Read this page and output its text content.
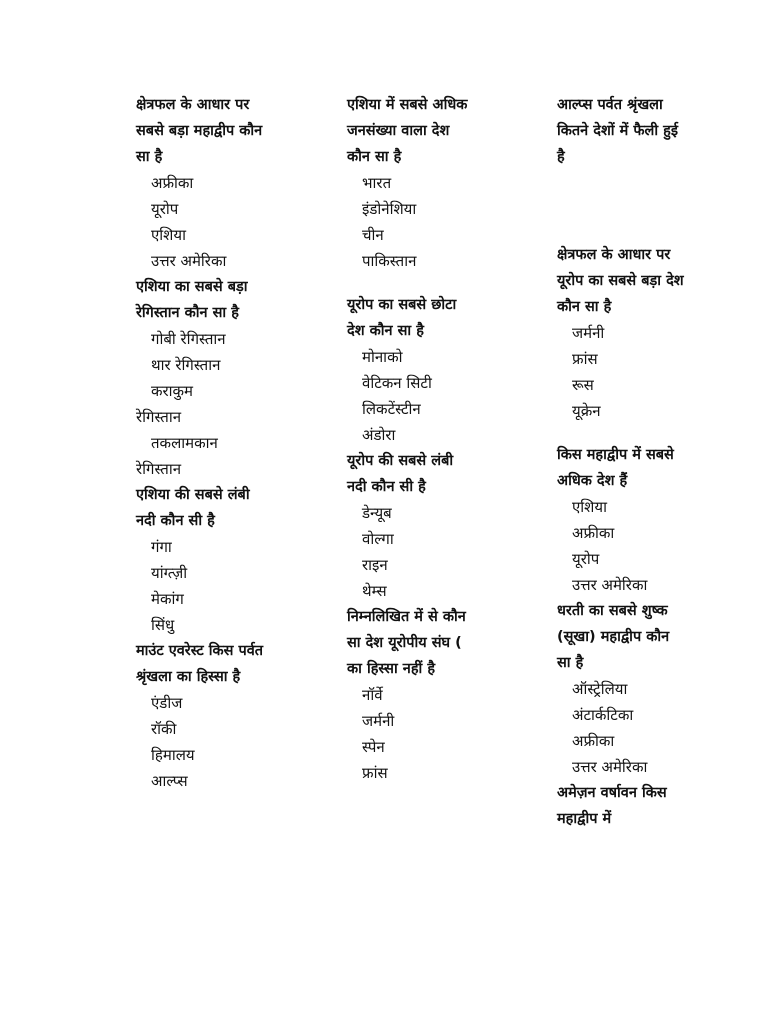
क्षेत्रफल के आधार पर सबसे बड़ा महाद्वीप कौन सा है
अफ्रीका
यूरोप
एशिया
उत्तर अमेरिका
एशिया का सबसे बड़ा रेगिस्तान कौन सा है
गोबी रेगिस्तान
थार रेगिस्तान
कराकुम
रेगिस्तान
तकलामकान
रेगिस्तान
एशिया की सबसे लंबी नदी कौन सी है
गंगा
यांग्त्ज़ी
मेकांग
सिंधु
माउंट एवरेस्ट किस पर्वत श्रृंखला का हिस्सा है
एंडीज
रॉकी
हिमालय
आल्प्स
एशिया में सबसे अधिक जनसंख्या वाला देश कौन सा है
भारत
इंडोनेशिया
चीन
पाकिस्तान
यूरोप का सबसे छोटा देश कौन सा है
मोनाको
वेटिकन सिटी
लिकटेंस्टीन
अंडोरा
यूरोप की सबसे लंबी नदी कौन सी है
डेन्यूब
वोल्गा
राइन
थेम्स
निम्नलिखित में से कौन सा देश यूरोपीय संघ ( का हिस्सा नहीं है
नॉर्वे
जर्मनी
स्पेन
फ्रांस
आल्प्स पर्वत श्रृंखला कितने देशों में फैली हुई है
क्षेत्रफल के आधार पर यूरोप का सबसे बड़ा देश कौन सा है
जर्मनी
फ्रांस
रूस
यूक्रेन
किस महाद्वीप में सबसे अधिक देश हैं
एशिया
अफ्रीका
यूरोप
उत्तर अमेरिका
धरती का सबसे शुष्क (सूखा) महाद्वीप कौन सा है
ऑस्ट्रेलिया
अंटार्कटिका
अफ्रीका
उत्तर अमेरिका
अमेज़न वर्षावन किस महाद्वीप में
